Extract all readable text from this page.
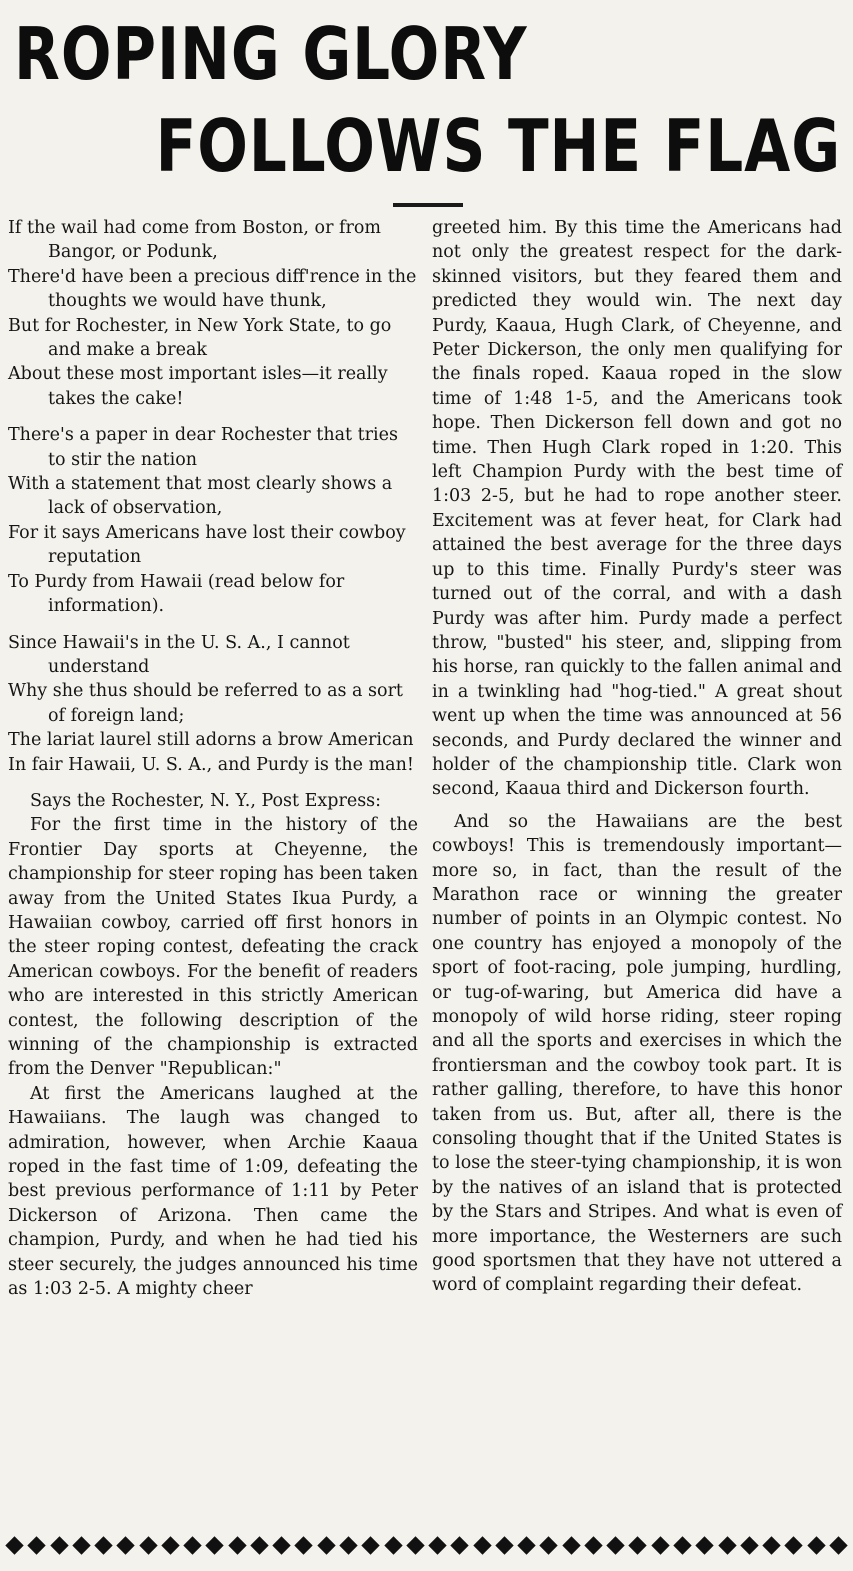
ROPING GLORY
FOLLOWS THE FLAG

If the wail had come from Boston, or from Bangor, or Podunk,

There'd have been a precious diff'rence in the thoughts we would have thunk,

But for Rochester, in New York State, to go and make a break

About these most important isles—it really takes the cake!

There's a paper in dear Rochester that tries to stir the nation

With a statement that most clearly shows a lack of observation,

For it says Americans have lost their cowboy reputation

To Purdy from Hawaii (read below for information).

Since Hawaii's in the U. S. A., I cannot understand

Why she thus should be referred to as a sort of foreign land;

The lariat laurel still adorns a brow American

In fair Hawaii, U. S. A., and Purdy is the man!

Says the Rochester, N. Y., Post Express:

For the first time in the history of the Frontier Day sports at Cheyenne, the championship for steer roping has been taken away from the United States Ikua Purdy, a Hawaiian cowboy, carried off first honors in the steer roping contest, defeating the crack American cowboys. For the benefit of readers who are interested in this strictly American contest, the following description of the winning of the championship is extracted from the Denver "Republican:"

At first the Americans laughed at the Hawaiians. The laugh was changed to admiration, however, when Archie Kaaua roped in the fast time of 1:09, defeating the best previous performance of 1:11 by Peter Dickerson of Arizona. Then came the champion, Purdy, and when he had tied his steer securely, the judges announced his time as 1:03 2-5. A mighty cheer

greeted him. By this time the Americans had not only the greatest respect for the dark-skinned visitors, but they feared them and predicted they would win. The next day Purdy, Kaaua, Hugh Clark, of Cheyenne, and Peter Dickerson, the only men qualifying for the finals roped. Kaaua roped in the slow time of 1:48 1-5, and the Americans took hope. Then Dickerson fell down and got no time. Then Hugh Clark roped in 1:20. This left Champion Purdy with the best time of 1:03 2-5, but he had to rope another steer. Excitement was at fever heat, for Clark had attained the best average for the three days up to this time. Finally Purdy's steer was turned out of the corral, and with a dash Purdy was after him. Purdy made a perfect throw, "busted" his steer, and, slipping from his horse, ran quickly to the fallen animal and in a twinkling had "hog-tied." A great shout went up when the time was announced at 56 seconds, and Purdy declared the winner and holder of the championship title. Clark won second, Kaaua third and Dickerson fourth.

And so the Hawaiians are the best cowboys! This is tremendously important—more so, in fact, than the result of the Marathon race or winning the greater number of points in an Olympic contest. No one country has enjoyed a monopoly of the sport of foot-racing, pole jumping, hurdling, or tug-of-waring, but America did have a monopoly of wild horse riding, steer roping and all the sports and exercises in which the frontiersman and the cowboy took part. It is rather galling, therefore, to have this honor taken from us. But, after all, there is the consoling thought that if the United States is to lose the steer-tying championship, it is won by the natives of an island that is protected by the Stars and Stripes. And what is even of more importance, the Westerners are such good sportsmen that they have not uttered a word of complaint regarding their defeat.
